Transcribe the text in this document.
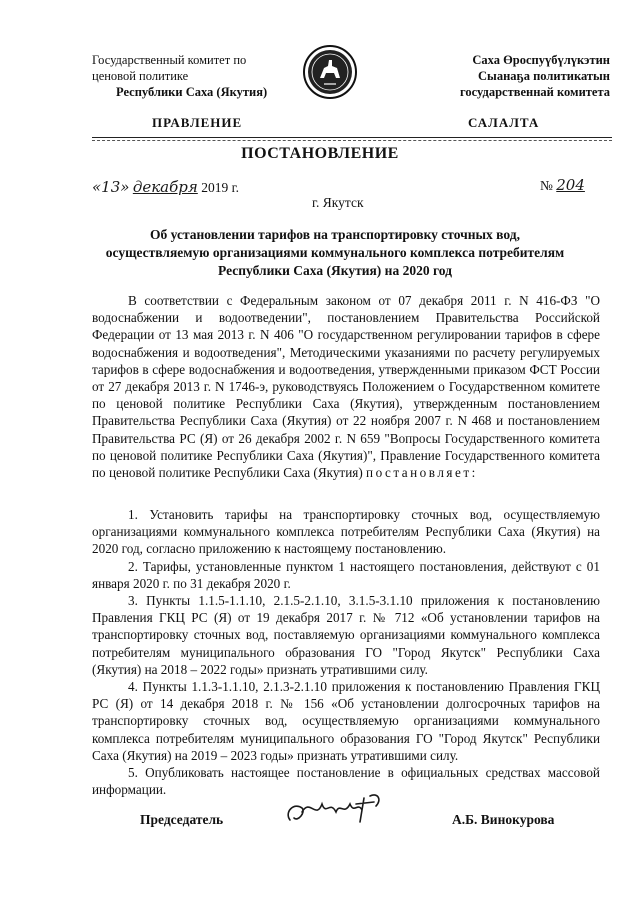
Государственный комитет по
ценовой политике
Республики Саха (Якутия)
Саха Өроспуүбүлүкэтин
Сыанаҕа политикатын
государственнай комитета
ПРАВЛЕНИЕ	САЛАЛТА
ПОСТАНОВЛЕНИЕ
«13» декабря 2019 г.	№ 204
г. Якутск
Об установлении тарифов на транспортировку сточных вод, осуществляемую организациями коммунального комплекса потребителям Республики Саха (Якутия) на 2020 год

В соответствии с Федеральным законом от 07 декабря 2011 г. N 416-ФЗ "О водоснабжении и водоотведении", постановлением Правительства Российской Федерации от 13 мая 2013 г. N 406 "О государственном регулировании тарифов в сфере водоснабжения и водоотведения", Методическими указаниями по расчету регулируемых тарифов в сфере водоснабжения и водоотведения, утвержденными приказом ФСТ России от 27 декабря 2013 г. N 1746-э, руководствуясь Положением о Государственном комитете по ценовой политике Республики Саха (Якутия), утвержденным постановлением Правительства Республики Саха (Якутия) от 22 ноября 2007 г. N 468 и постановлением Правительства РС (Я) от 26 декабря 2002 г. N 659 "Вопросы Государственного комитета по ценовой политике Республики Саха (Якутия)", Правление Государственного комитета по ценовой политике Республики Саха (Якутия) постановляет:

1. Установить тарифы на транспортировку сточных вод, осуществляемую организациями коммунального комплекса потребителям Республики Саха (Якутия) на 2020 год, согласно приложению к настоящему постановлению.

2. Тарифы, установленные пунктом 1 настоящего постановления, действуют с 01 января 2020 г. по 31 декабря 2020 г.

3. Пункты 1.1.5-1.1.10, 2.1.5-2.1.10, 3.1.5-3.1.10 приложения к постановлению Правления ГКЦ РС (Я) от 19 декабря 2017 г. № 712 «Об установлении тарифов на транспортировку сточных вод, поставляемую организациями коммунального комплекса потребителям муниципального образования ГО "Город Якутск" Республики Саха (Якутия) на 2018 – 2022 годы» признать утратившими силу.

4. Пункты 1.1.3-1.1.10, 2.1.3-2.1.10 приложения к постановлению Правления ГКЦ РС (Я) от 14 декабря 2018 г. № 156 «Об установлении долгосрочных тарифов на транспортировку сточных вод, осуществляемую организациями коммунального комплекса потребителям муниципального образования ГО "Город Якутск" Республики Саха (Якутия) на 2019 – 2023 годы» признать утратившими силу.

5. Опубликовать настоящее постановление в официальных средствах массовой информации.

Председатель	А.Б. Винокурова
